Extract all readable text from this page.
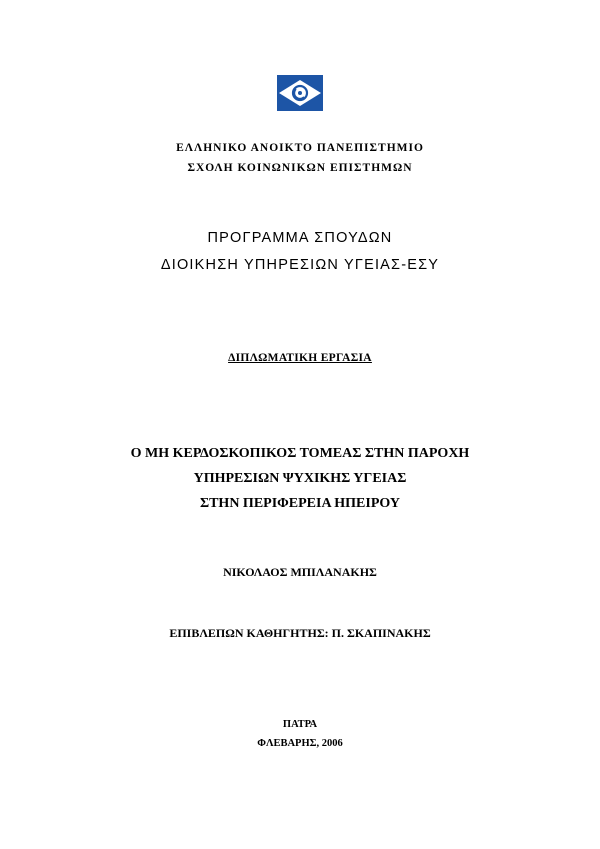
ΕΛΛΗΝΙΚΟ ΑΝΟΙΚΤΟ ΠΑΝΕΠΙΣΤΗΜΙΟ
ΣΧΟΛΗ ΚΟΙΝΩΝΙΚΩΝ ΕΠΙΣΤΗΜΩΝ
ΠΡΟΓΡΑΜΜΑ ΣΠΟΥΔΩΝ
ΔΙΟΙΚΗΣΗ ΥΠΗΡΕΣΙΩΝ ΥΓΕΙΑΣ-ΕΣΥ
ΔΙΠΛΩΜΑΤΙΚΗ ΕΡΓΑΣΙΑ
Ο ΜΗ ΚΕΡΔΟΣΚΟΠΙΚΟΣ ΤΟΜΕΑΣ ΣΤΗΝ ΠΑΡΟΧΗ
ΥΠΗΡΕΣΙΩΝ ΨΥΧΙΚΗΣ ΥΓΕΙΑΣ
ΣΤΗΝ ΠΕΡΙΦΕΡΕΙΑ ΗΠΕΙΡΟΥ
ΝΙΚΟΛΑΟΣ ΜΠΙΛΑΝΑΚΗΣ
ΕΠΙΒΛΕΠΩΝ ΚΑΘΗΓΗΤΗΣ: Π. ΣΚΑΠΙΝΑΚΗΣ
ΠΑΤΡΑ
ΦΛΕΒΑΡΗΣ, 2006
